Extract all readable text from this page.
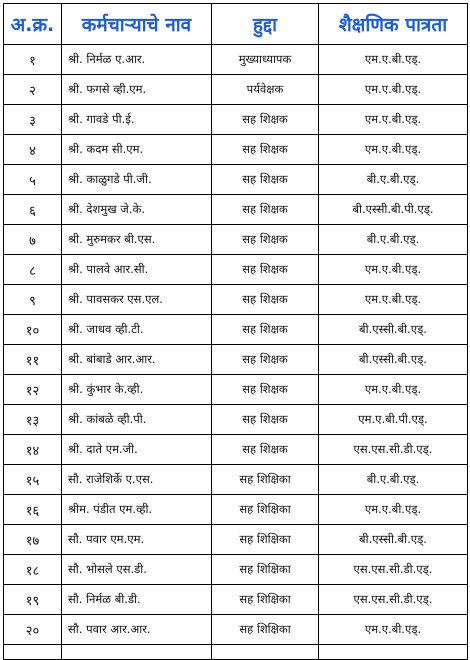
अ.क्र.	कर्मचाऱ्याचे नाव	हुद्दा	शैक्षणिक पात्रता
१	श्री. निर्मळ ए.आर.	मुख्याध्यापक	एम.ए.बी.एड्.
२	श्री. फगसे व्ही.एम.	पर्यवेक्षक	एम.ए.बी.एड्.
३	श्री. गावडे पी.ई.	सह शिक्षक	एम.ए.बी.एड्.
४	श्री. कदम सी.एम.	सह शिक्षक	एम.ए.बी.एड्.
५	श्री. काळुगडे पी.जी.	सह शिक्षक	बी.ए.बी.एड्.
६	श्री. देशमुख जे.के.	सह शिक्षक	बी.एस्सी.बी.पी.एड्.
७	श्री. मुरुमकर बी.एस.	सह शिक्षक	बी.ए.बी.एड्.
८	श्री. पालवे आर.सी.	सह शिक्षक	एम.ए.बी.एड्.
९	श्री. पावसकर एस.एल.	सह शिक्षक	एम.ए.बी.एड्.
१०	श्री. जाधव व्ही.टी.	सह शिक्षक	बी.एस्सी.बी.एड्.
११	श्री. बांबाडे आर.आर.	सह शिक्षक	बी.एस्सी.बी.एड्.
१२	श्री. कुंभार के.व्ही.	सह शिक्षक	एम.ए.बी.एड्.
१३	श्री. कांबळे व्ही.पी.	सह शिक्षक	एम.ए.बी.पी.एड्.
१४	श्री. दाते एम.जी.	सह शिक्षक	एस.एस.सी.डी.एड्.
१५	सौ. राजेशिर्के ए.एस.	सह शिक्षिका	बी.ए.बी.एड्.
१६	श्रीम. पंडीत एम.व्ही.	सह शिक्षिका	एम.ए.बी.एड्.
१७	सौ. पवार एम.एम.	सह शिक्षिका	बी.एस्सी.बी.एड्.
१८	सौ. भोसले एस.डी.	सह शिक्षिका	एस.एस.सी.डी.एड्.
१९	सौ. निर्मळ बी.डी.	सह शिक्षिका	एस.एस.सी.डी.एड्.
२०	सौ. पवार आर.आर.	सह शिक्षिका	एम.ए.बी.एड्.
